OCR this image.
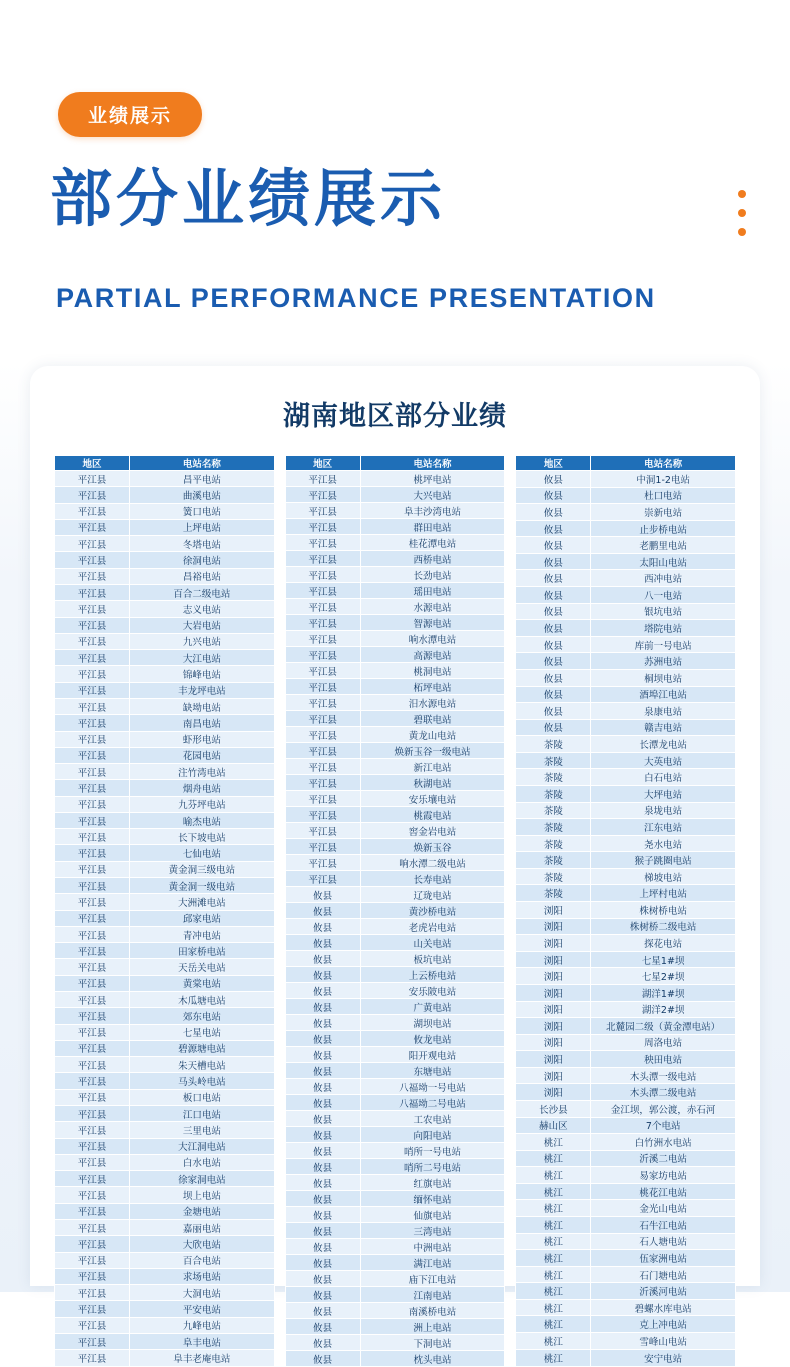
业绩展示
部分业绩展示
PARTIAL PERFORMANCE PRESENTATION
湖南地区部分业绩
地区	电站名称
平江县	昌平电站
平江县	曲溪电站
平江县	簧口电站
平江县	上坪电站
平江县	冬塔电站
平江县	徐洞电站
平江县	昌裕电站
平江县	百合二级电站
平江县	志义电站
平江县	大岩电站
平江县	九兴电站
平江县	大江电站
平江县	锦峰电站
平江县	丰龙坪电站
平江县	缺坳电站
平江县	南昌电站
平江县	虾形电站
平江县	花园电站
平江县	注竹湾电站
平江县	烟舟电站
平江县	九芬坪电站
平江县	喻杰电站
平江县	长下坡电站
平江县	七仙电站
平江县	黄金洞三级电站
平江县	黄金洞一级电站
平江县	大洲滩电站
平江县	邱家电站
平江县	青冲电站
平江县	田家桥电站
平江县	天岳关电站
平江县	黄棠电站
平江县	木瓜塘电站
平江县	郊东电站
平江县	七星电站
平江县	碧源塘电站
平江县	朱天槽电站
平江县	马头岭电站
平江县	板口电站
平江县	江口电站
平江县	三里电站
平江县	大江洞电站
平江县	白水电站
平江县	徐家洞电站
平江县	坝上电站
平江县	金塘电站
平江县	嘉丽电站
平江县	大欣电站
平江县	百合电站
平江县	求场电站
平江县	大洞电站
平江县	平安电站
平江县	九峰电站
平江县	阜丰电站
平江县	阜丰老庵电站
地区	电站名称
平江县	桃坪电站
平江县	大兴电站
平江县	阜丰沙湾电站
平江县	群田电站
平江县	桂花潭电站
平江县	西桥电站
平江县	长劲电站
平江县	瑶田电站
平江县	水源电站
平江县	智源电站
平江县	响水潭电站
平江县	高源电站
平江县	桃洞电站
平江县	柘坪电站
平江县	汨水源电站
平江县	碧联电站
平江县	黄龙山电站
平江县	焕新玉谷一级电站
平江县	新江电站
平江县	秋湖电站
平江县	安乐壤电站
平江县	桃霞电站
平江县	窖金岩电站
平江县	焕新玉谷
平江县	响水潭二级电站
平江县	长寿电站
攸县	辽珑电站
攸县	黄沙桥电站
攸县	老虎岩电站
攸县	山关电站
攸县	板坑电站
攸县	上云桥电站
攸县	安乐陂电站
攸县	广黄电站
攸县	湖坝电站
攸县	攸龙电站
攸县	阳开观电站
攸县	东塘电站
攸县	八福坳一号电站
攸县	八福坳二号电站
攸县	工农电站
攸县	向阳电站
攸县	哨所一号电站
攸县	哨所二号电站
攸县	红旗电站
攸县	缅怀电站
攸县	仙旗电站
攸县	三湾电站
攸县	中洲电站
攸县	满江电站
攸县	庙下江电站
攸县	江南电站
攸县	南溪桥电站
攸县	洲上电站
攸县	下洞电站
攸县	枕头电站
地区	电站名称
攸县	中洞1-2电站
攸县	杜口电站
攸县	崇新电站
攸县	止步桥电站
攸县	老鹏里电站
攸县	太阳山电站
攸县	西冲电站
攸县	八一电站
攸县	银坑电站
攸县	塔院电站
攸县	库前一号电站
攸县	苏洲电站
攸县	桐坝电站
攸县	酒埠江电站
攸县	泉康电站
攸县	赣吉电站
茶陵	长潭龙电站
茶陵	大英电站
茶陵	白石电站
茶陵	大坪电站
茶陵	泉垅电站
茶陵	江东电站
茶陵	尧水电站
茶陵	猴子跳圈电站
茶陵	梯坡电站
茶陵	上坪村电站
浏阳	株树桥电站
浏阳	株树桥二级电站
浏阳	探花电站
浏阳	七星1#坝
浏阳	七星2#坝
浏阳	湖洋1#坝
浏阳	湖洋2#坝
浏阳	北麓园二级（黄金潭电站）
浏阳	周洛电站
浏阳	秧田电站
浏阳	木头潭一级电站
浏阳	木头潭二级电站
长沙县	金江坝，郭公渡，赤石河
赫山区	7个电站
桃江	白竹洲水电站
桃江	沂溪二电站
桃江	易家坊电站
桃江	桃花江电站
桃江	金光山电站
桃江	石牛江电站
桃江	石人塘电站
桃江	伍家洲电站
桃江	石门塘电站
桃江	沂溪河电站
桃江	碧螺水库电站
桃江	克上冲电站
桃江	雪峰山电站
桃江	安宁电站
